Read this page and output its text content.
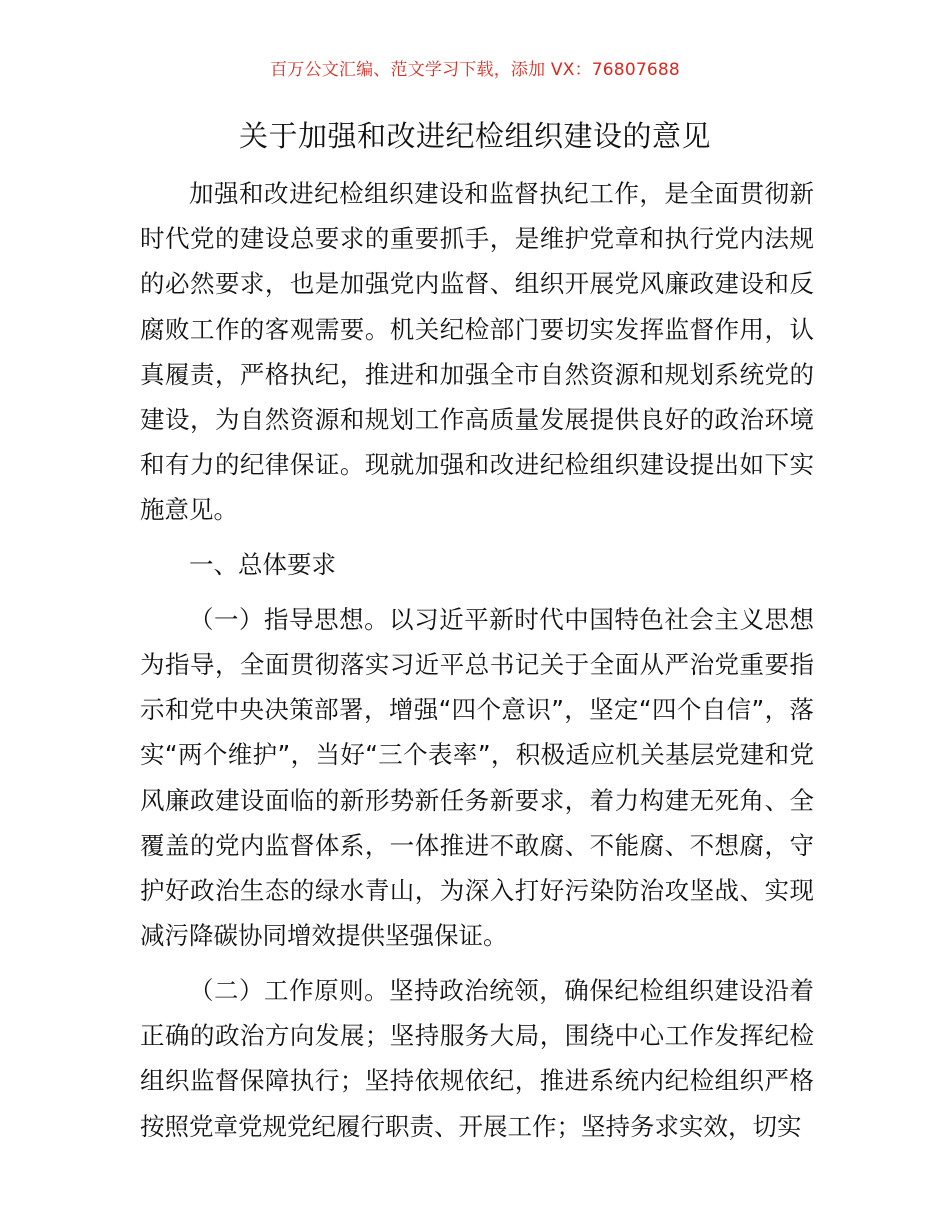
百万公文汇编、范文学习下载，添加 VX：76807688
关于加强和改进纪检组织建设的意见

加强和改进纪检组织建设和监督执纪工作，是全面贯彻新时代党的建设总要求的重要抓手，是维护党章和执行党内法规的必然要求，也是加强党内监督、组织开展党风廉政建设和反腐败工作的客观需要。机关纪检部门要切实发挥监督作用，认真履责，严格执纪，推进和加强全市自然资源和规划系统党的建设，为自然资源和规划工作高质量发展提供良好的政治环境和有力的纪律保证。现就加强和改进纪检组织建设提出如下实施意见。

一、总体要求

（一）指导思想。以习近平新时代中国特色社会主义思想为指导，全面贯彻落实习近平总书记关于全面从严治党重要指示和党中央决策部署，增强“四个意识”，坚定“四个自信”，落实“两个维护”，当好“三个表率”，积极适应机关基层党建和党风廉政建设面临的新形势新任务新要求，着力构建无死角、全覆盖的党内监督体系，一体推进不敢腐、不能腐、不想腐，守护好政治生态的绿水青山，为深入打好污染防治攻坚战、实现减污降碳协同增效提供坚强保证。

（二）工作原则。坚持政治统领，确保纪检组织建设沿着正确的政治方向发展；坚持服务大局，围绕中心工作发挥纪检组织监督保障执行；坚持依规依纪，推进系统内纪检组织严格按照党章党规党纪履行职责、开展工作；坚持务求实效，切实
